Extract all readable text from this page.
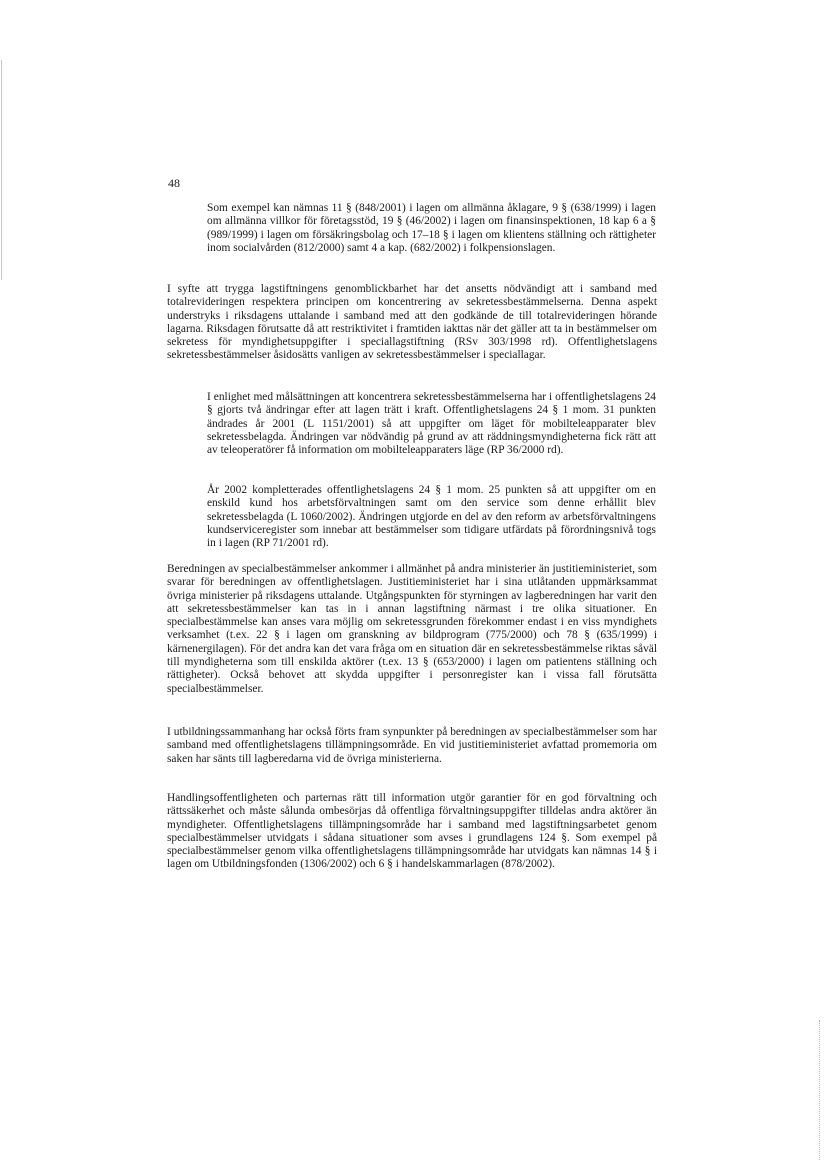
48

Som exempel kan nämnas 11 § (848/2001) i lagen om allmänna åklagare, 9 § (638/1999) i lagen om allmänna villkor för företagsstöd, 19 § (46/2002) i lagen om finansinspektionen, 18 kap 6 a § (989/1999) i lagen om försäkringsbolag och 17–18 § i lagen om klientens ställning och rättigheter inom socialvården (812/2000) samt 4 a kap. (682/2002) i folkpensionslagen.

I syfte att trygga lagstiftningens genomblickbarhet har det ansetts nödvändigt att i samband med totalrevideringen respektera principen om koncentrering av sekretessbestämmelserna. Denna aspekt understryks i riksdagens uttalande i samband med att den godkände de till totalrevideringen hörande lagarna. Riksdagen förutsatte då att restriktivitet i framtiden iakttas när det gäller att ta in bestämmelser om sekretess för myndighetsuppgifter i speciallagstiftning (RSv 303/1998 rd). Offentlighetslagens sekretessbestämmelser åsidosätts vanligen av sekretessbestämmelser i speciallagar.

I enlighet med målsättningen att koncentrera sekretessbestämmelserna har i offentlighetslagens 24 § gjorts två ändringar efter att lagen trätt i kraft. Offentlighetslagens 24 § 1 mom. 31 punkten ändrades år 2001 (L 1151/2001) så att uppgifter om läget för mobilteleapparater blev sekretessbelagda. Ändringen var nödvändig på grund av att räddningsmyndigheterna fick rätt att av teleoperatörer få information om mobilteleapparaters läge (RP 36/2000 rd).

År 2002 kompletterades offentlighetslagens 24 § 1 mom. 25 punkten så att uppgifter om en enskild kund hos arbetsförvaltningen samt om den service som denne erhållit blev sekretessbelagda (L 1060/2002). Ändringen utgjorde en del av den reform av arbetsförvaltningens kundserviceregister som innebar att bestämmelser som tidigare utfärdats på förordningsnivå togs in i lagen (RP 71/2001 rd).

Beredningen av specialbestämmelser ankommer i allmänhet på andra ministerier än justitieministeriet, som svarar för beredningen av offentlighetslagen. Justitieministeriet har i sina utlåtanden uppmärksammat övriga ministerier på riksdagens uttalande. Utgångspunkten för styrningen av lagberedningen har varit den att sekretessbestämmelser kan tas in i annan lagstiftning närmast i tre olika situationer. En specialbestämmelse kan anses vara möjlig om sekretessgrunden förekommer endast i en viss myndighets verksamhet (t.ex. 22 § i lagen om granskning av bildprogram (775/2000) och 78 § (635/1999) i kärnenergilagen). För det andra kan det vara fråga om en situation där en sekretessbestämmelse riktas såväl till myndigheterna som till enskilda aktörer (t.ex. 13 § (653/2000) i lagen om patientens ställning och rättigheter). Också behovet att skydda uppgifter i personregister kan i vissa fall förutsätta specialbestämmelser.

I utbildningssammanhang har också förts fram synpunkter på beredningen av specialbestämmelser som har samband med offentlighetslagens tillämpningsområde. En vid justitieministeriet avfattad promemoria om saken har sänts till lagberedarna vid de övriga ministerierna.

Handlingsoffentligheten och parternas rätt till information utgör garantier för en god förvaltning och rättssäkerhet och måste sålunda ombesörjas då offentliga förvaltningsuppgifter tilldelas andra aktörer än myndigheter. Offentlighetslagens tillämpningsområde har i samband med lagstiftningsarbetet genom specialbestämmelser utvidgats i sådana situationer som avses i grundlagens 124 §. Som exempel på specialbestämmelser genom vilka offentlighetslagens tillämpningsområde har utvidgats kan nämnas 14 § i lagen om Utbildningsfonden (1306/2002) och 6 § i handelskammarlagen (878/2002).
